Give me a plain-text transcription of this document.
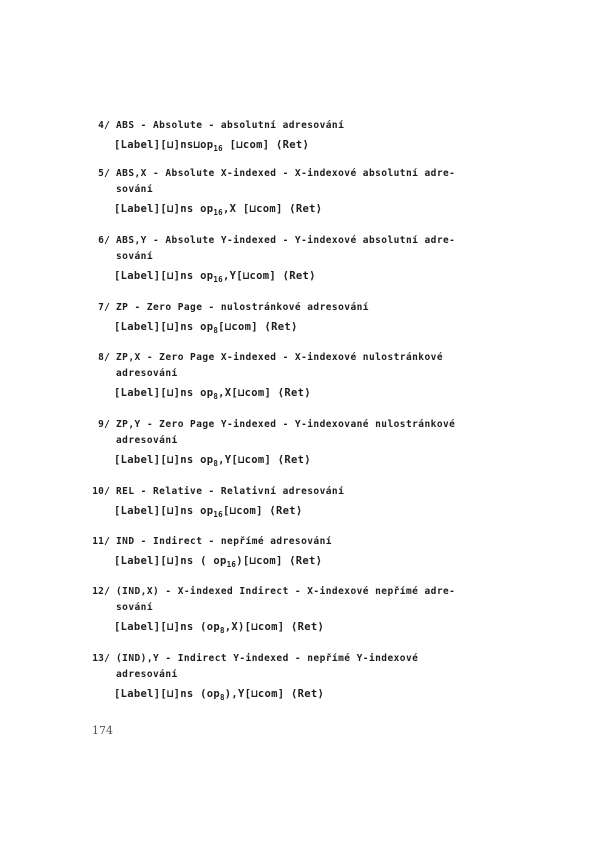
4/ ABS - Absolute - absolutní adresování
$[Label][⊔]ns⊔op_{16}$ [⊔com] ⟨Ret⟩
5/ ABS,X - Absolute X-indexed - X-indexové absolutní adre-
sování
[Label][⊔]ns $op_{16},X$ [⊔com] ⟨Ret⟩
6/ ABS,Y - Absolute Y-indexed - Y-indexové absolutní adre-
sování
[Label][⊔]ns $op_{16},Y[⊔com]$ ⟨Ret⟩
7/ ZP - Zero Page - nulostránkové adresování
[Label][⊔]ns $op_8[⊔com]$ ⟨Ret⟩
8/ ZP,X - Zero Page X-indexed - X-indexové nulostránkové
adresování
[Label][⊔]ns $op_8,X[⊔com]$ ⟨Ret⟩
9/ ZP,Y - Zero Page Y-indexed - Y-indexované nulostránkové
adresování
[Label][⊔]ns $op_8,Y[⊔com]$ ⟨Ret⟩
10/ REL - Relative - Relativní adresování
[Label][⊔]ns $op_{16}[⊔com]$ ⟨Ret⟩
11/ IND - Indirect - nepřímé adresování
[Label][⊔]ns ( $op_{16})[⊔com]$ ⟨Ret⟩
12/ (IND,X) - X-indexed Indirect - X-indexové nepřímé adre-
sování
[Label][⊔]ns $(op_8,X)[⊔com]$ ⟨Ret⟩
13/ (IND),Y - Indirect Y-indexed - nepřímé Y-indexové
adresování
[Label][⊔]ns $(op_8),Y[⊔com]$ ⟨Ret⟩
174
